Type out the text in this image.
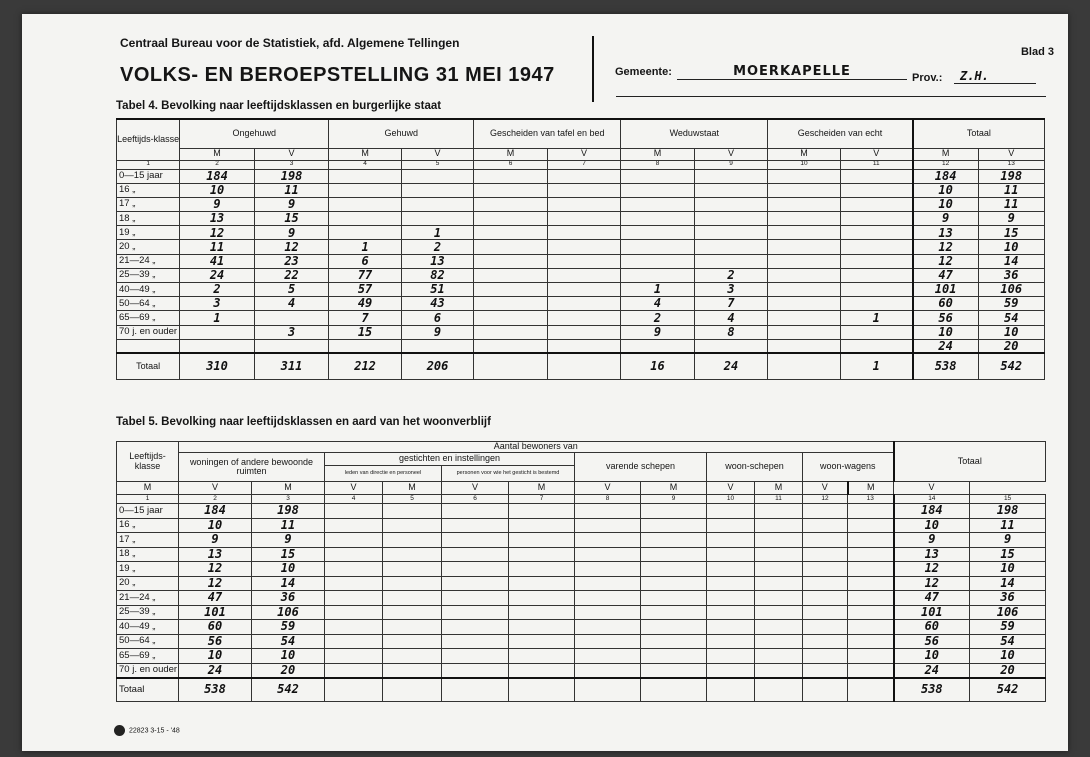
Centraal Bureau voor de Statistiek, afd. Algemene Tellingen
VOLKS- EN BEROEPSTELLING 31 MEI 1947
Blad 3
Gemeente:	MOERKAPELLE	Prov.:	Z.H.
Tabel 4. Bevolking naar leeftijdsklassen en burgerlijke staat
Leeftijds-klasse	Ongehuwd		Gehuwd		Gescheiden van tafel en bed		Weduwstaat		Gescheiden van echt		Totaal	
	M	V	M	V	M	V	M	V	M	V	M	V
1	2	3	4	5	6	7	8	9	10	11	12	13
0—15 jaar	184	198									184	198
16 „	10	11									10	11
17 „	9	9									10	11
18 „	13	15									9	9
19 „	12	9		1							13	15
20 „	11	12	1	2							12	10
21—24 „	41	23	6	13							12	14
25—39 „	24	22	77	82				2			47	36
40—49 „	2	5	57	51			1	3			101	106
50—64 „	3	4	49	43			4	7			60	59
65—69 „	1		7	6			2	4		1	56	54
70 j. en ouder		3	15	9			9	8			10	10
											24	20
Totaal	310	311	212	206			16	24		1	538	542
Tabel 5. Bevolking naar leeftijdsklassen en aard van het woonverblijf
Leeftijds-klasse	Aantal bewoners van												Totaal	
	woningen of andere bewoonde ruimten		gestichten en instellingen				varende schepen		woon-schepen		woon-wagens			
			leden van directie en personeel		personen voor wie het gesticht is bestemd									
M	V	M	V	M	V	M	V	M	V	M	V	M	V	
1	2	3	4	5	6	7	8	9	10	11	12	13	14	15
0—15 jaar	184	198											184	198
16 „	10	11											10	11
17 „	9	9											9	9
18 „	13	15											13	15
19 „	12	10											12	10
20 „	12	14											12	14
21—24 „	47	36											47	36
25—39 „	101	106											101	106
40—49 „	60	59											60	59
50—64 „	56	54											56	54
65—69 „	10	10											10	10
70 j. en ouder	24	20											24	20
Totaal	538	542											538	542
22823 3-15 - '48
